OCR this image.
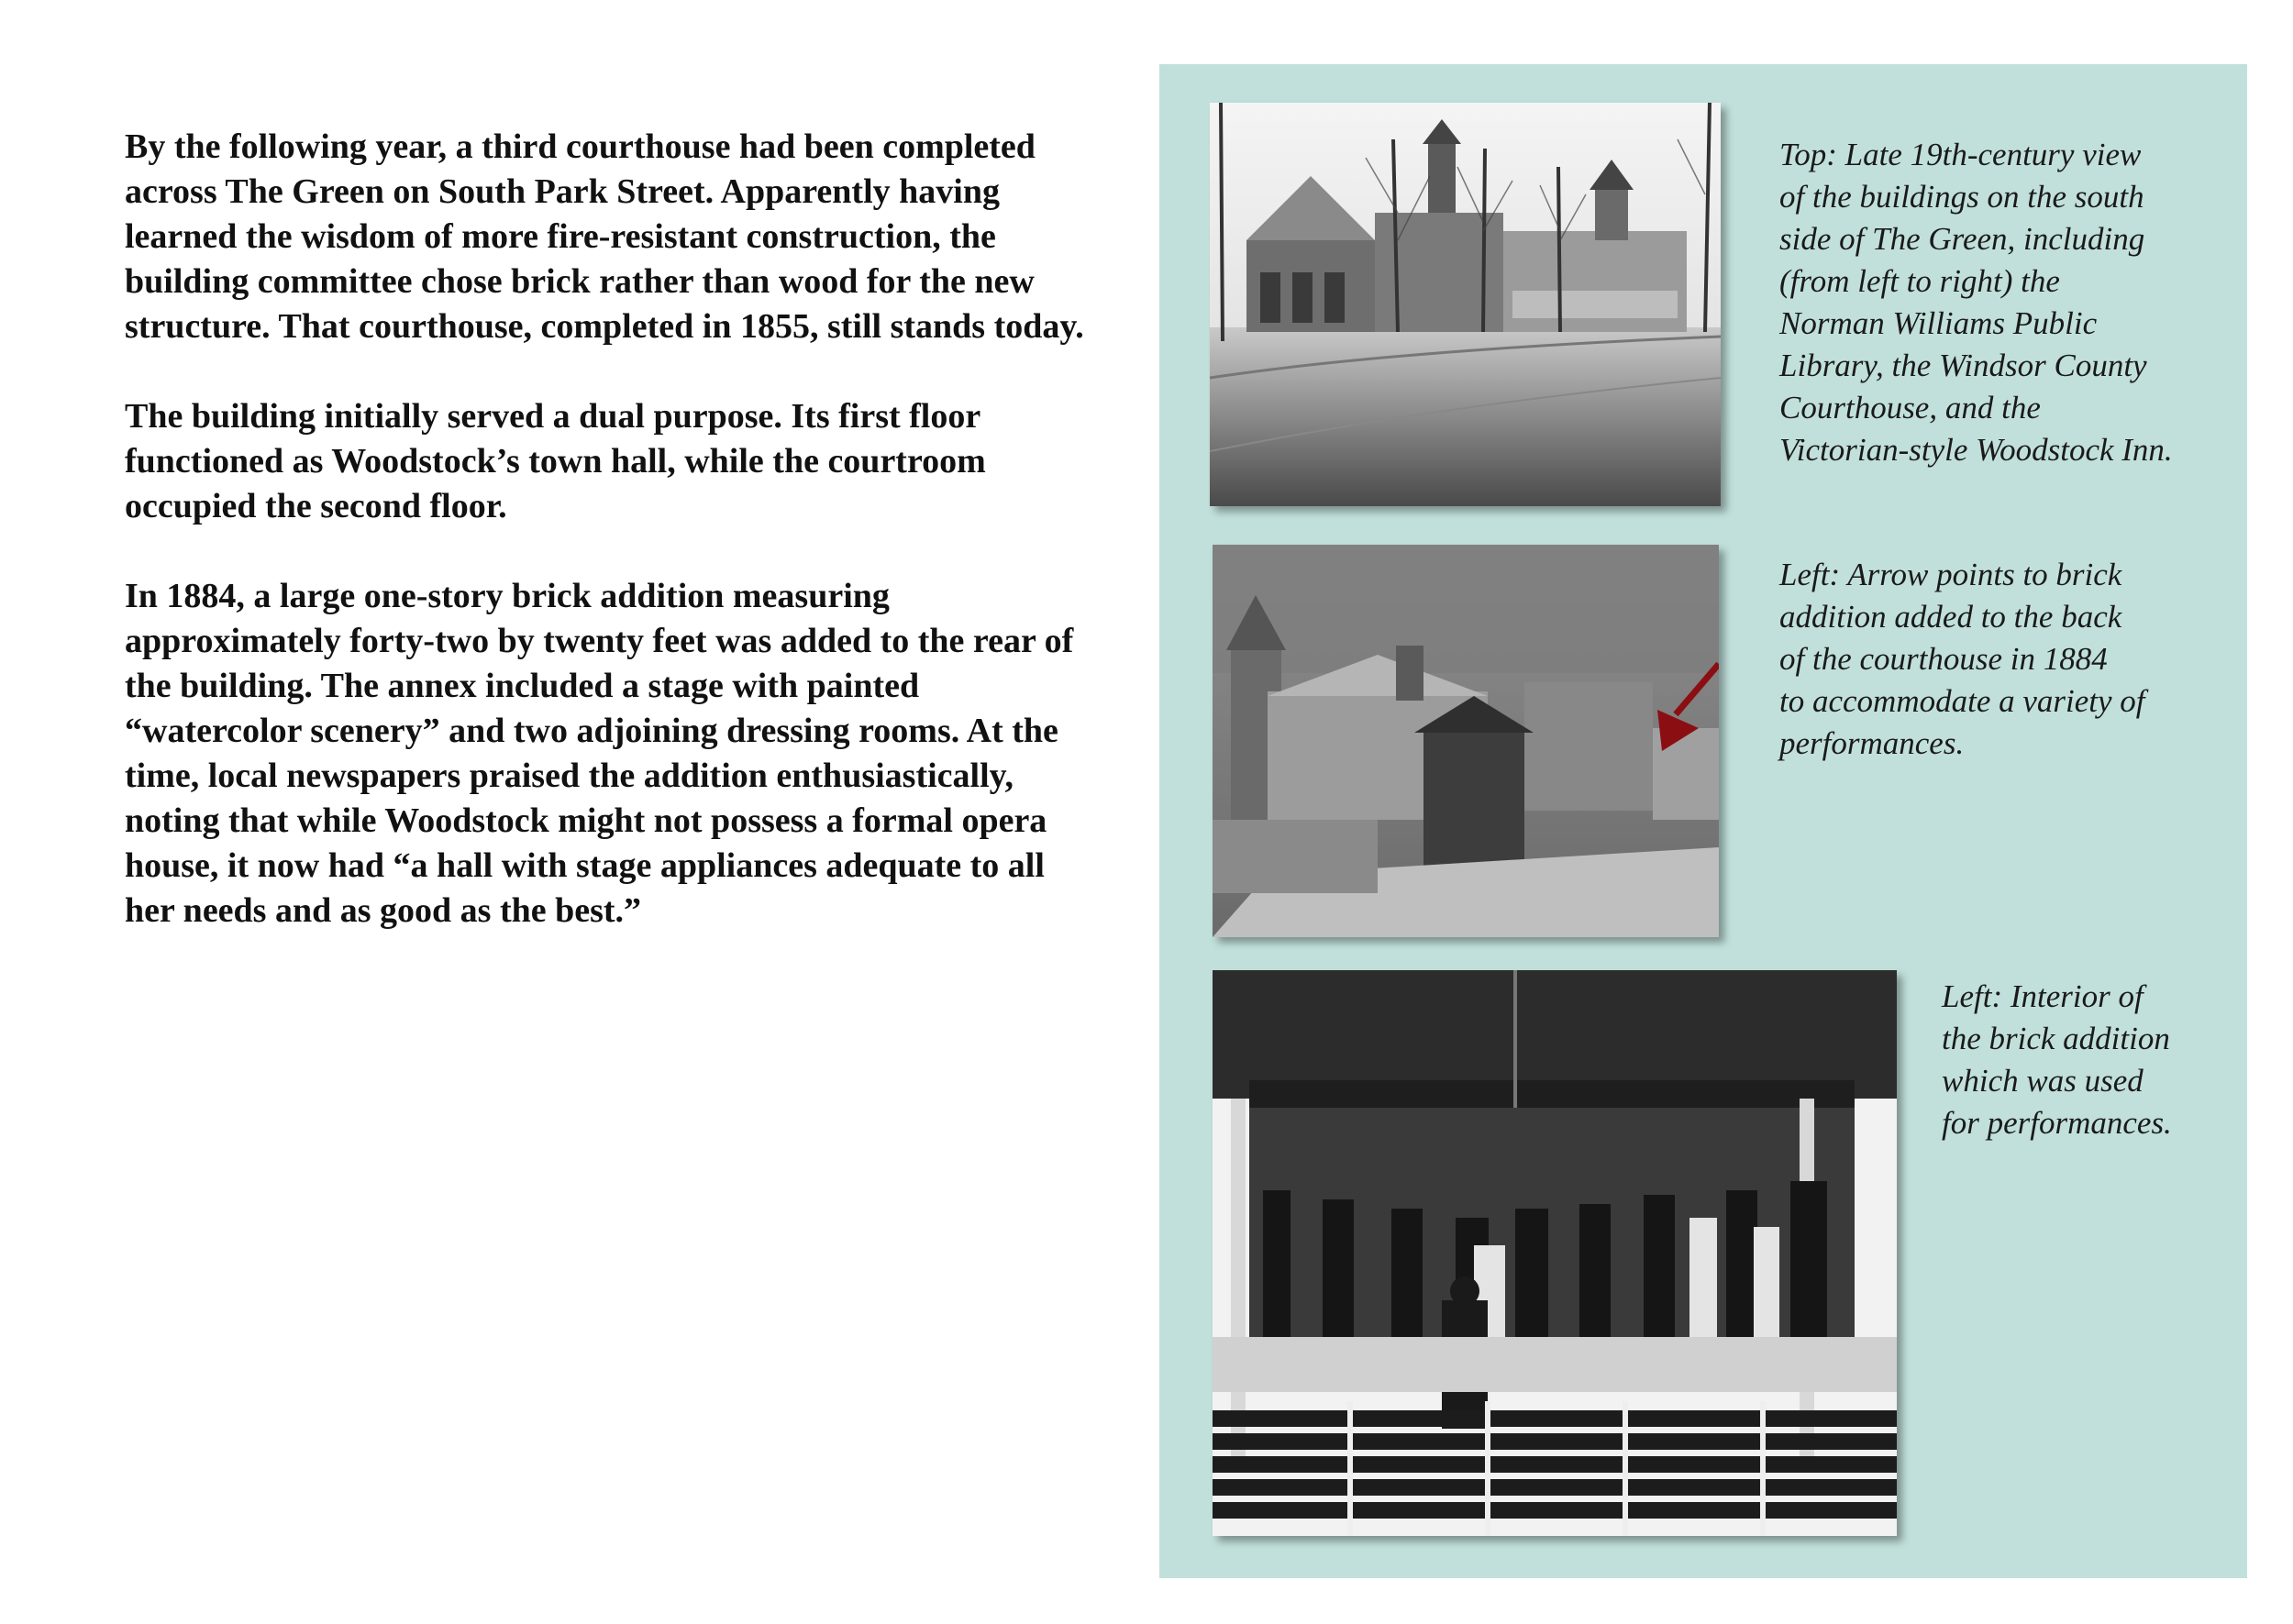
By the following year, a third courthouse had been completed across The Green on South Park Street. Apparently having learned the wisdom of more fire-resistant construction, the building committee chose brick rather than wood for the new structure. That courthouse, completed in 1855, still stands today.

The building initially served a dual purpose. Its first floor functioned as Woodstock’s town hall, while the courtroom occupied the second floor.

In 1884, a large one-story brick addition measuring approximately forty-two by twenty feet was added to the rear of the building. The annex included a stage with painted “watercolor scenery” and two adjoining dressing rooms. At the time, local newspapers praised the addition enthusiastically, noting that while Woodstock might not possess a formal opera house, it now had “a hall with stage appliances adequate to all her needs and as good as the best.”

Top: Late 19th-century view
of the buildings on the south
side of The Green, including
(from left to right) the
Norman Williams Public
Library, the Windsor County
Courthouse, and the
Victorian-style Woodstock Inn.
Left: Arrow points to brick
addition added to the back
of the courthouse in 1884
to accommodate a variety of
performances.
Left: Interior of
the brick addition
which was used
for performances.
